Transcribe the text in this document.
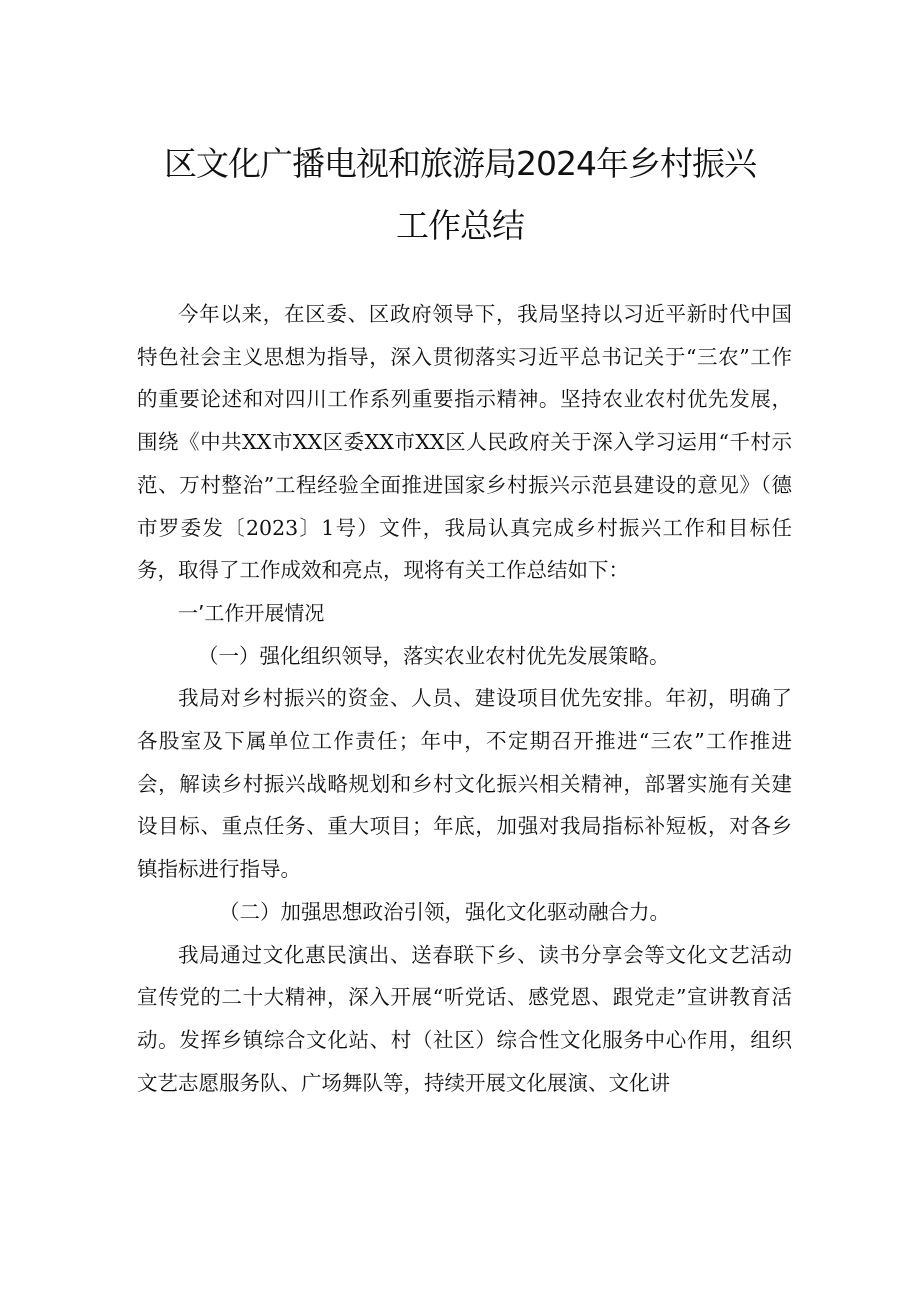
区文化广播电视和旅游局2024年乡村振兴
工作总结

今年以来，在区委、区政府领导下，我局坚持以习近平新时代中国特色社会主义思想为指导，深入贯彻落实习近平总书记关于“三农”工作的重要论述和对四川工作系列重要指示精神。坚持农业农村优先发展，围绕《中共XX市XX区委XX市XX区人民政府关于深入学习运用“千村示范、万村整治”工程经验全面推进国家乡村振兴示范县建设的意见》（德市罗委发〔2023〕1号）文件，我局认真完成乡村振兴工作和目标任务，取得了工作成效和亮点，现将有关工作总结如下：

一’工作开展情况

（一）强化组织领导，落实农业农村优先发展策略。

我局对乡村振兴的资金、人员、建设项目优先安排。年初，明确了各股室及下属单位工作责任；年中，不定期召开推进“三农”工作推进会，解读乡村振兴战略规划和乡村文化振兴相关精神，部署实施有关建设目标、重点任务、重大项目；年底，加强对我局指标补短板，对各乡镇指标进行指导。

（二）加强思想政治引领，强化文化驱动融合力。

我局通过文化惠民演出、送春联下乡、读书分享会等文化文艺活动宣传党的二十大精神，深入开展“听党话、感党恩、跟党走”宣讲教育活动。发挥乡镇综合文化站、村（社区）综合性文化服务中心作用，组织文艺志愿服务队、广场舞队等，持续开展文化展演、文化讲
